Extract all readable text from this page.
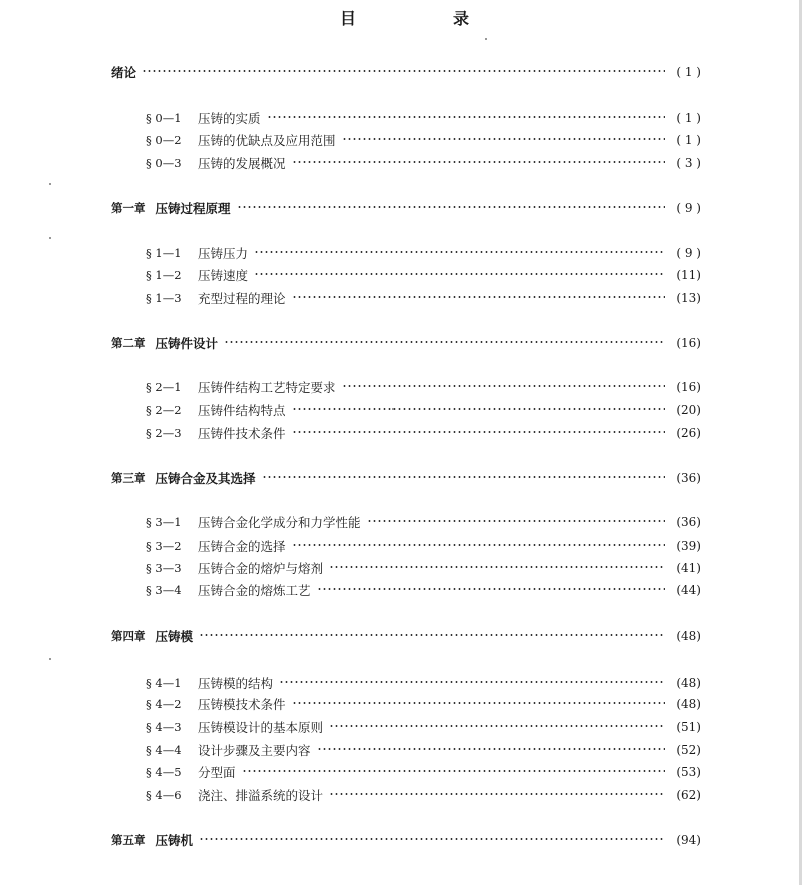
目	录
绪论	( 1 )
§ 0—1	压铸的实质	( 1 )
§ 0—2	压铸的优缺点及应用范围	( 1 )
§ 0—3	压铸的发展概况	( 3 )
第一章 压铸过程原理	( 9 )
§ 1—1	压铸压力	( 9 )
§ 1—2	压铸速度	(11)
§ 1—3	充型过程的理论	(13)
第二章 压铸件设计	(16)
§ 2—1	压铸件结构工艺特定要求	(16)
§ 2—2	压铸件结构特点	(20)
§ 2—3	压铸件技术条件	(26)
第三章 压铸合金及其选择	(36)
§ 3—1	压铸合金化学成分和力学性能	(36)
§ 3—2	压铸合金的选择	(39)
§ 3—3	压铸合金的熔炉与熔剂	(41)
§ 3—4	压铸合金的熔炼工艺	(44)
第四章 压铸模	(48)
§ 4—1	压铸模的结构	(48)
§ 4—2	压铸模技术条件	(48)
§ 4—3	压铸模设计的基本原则	(51)
§ 4—4	设计步骤及主要内容	(52)
§ 4—5	分型面	(53)
§ 4—6	浇注、排溢系统的设计	(62)
第五章 压铸机	(94)
